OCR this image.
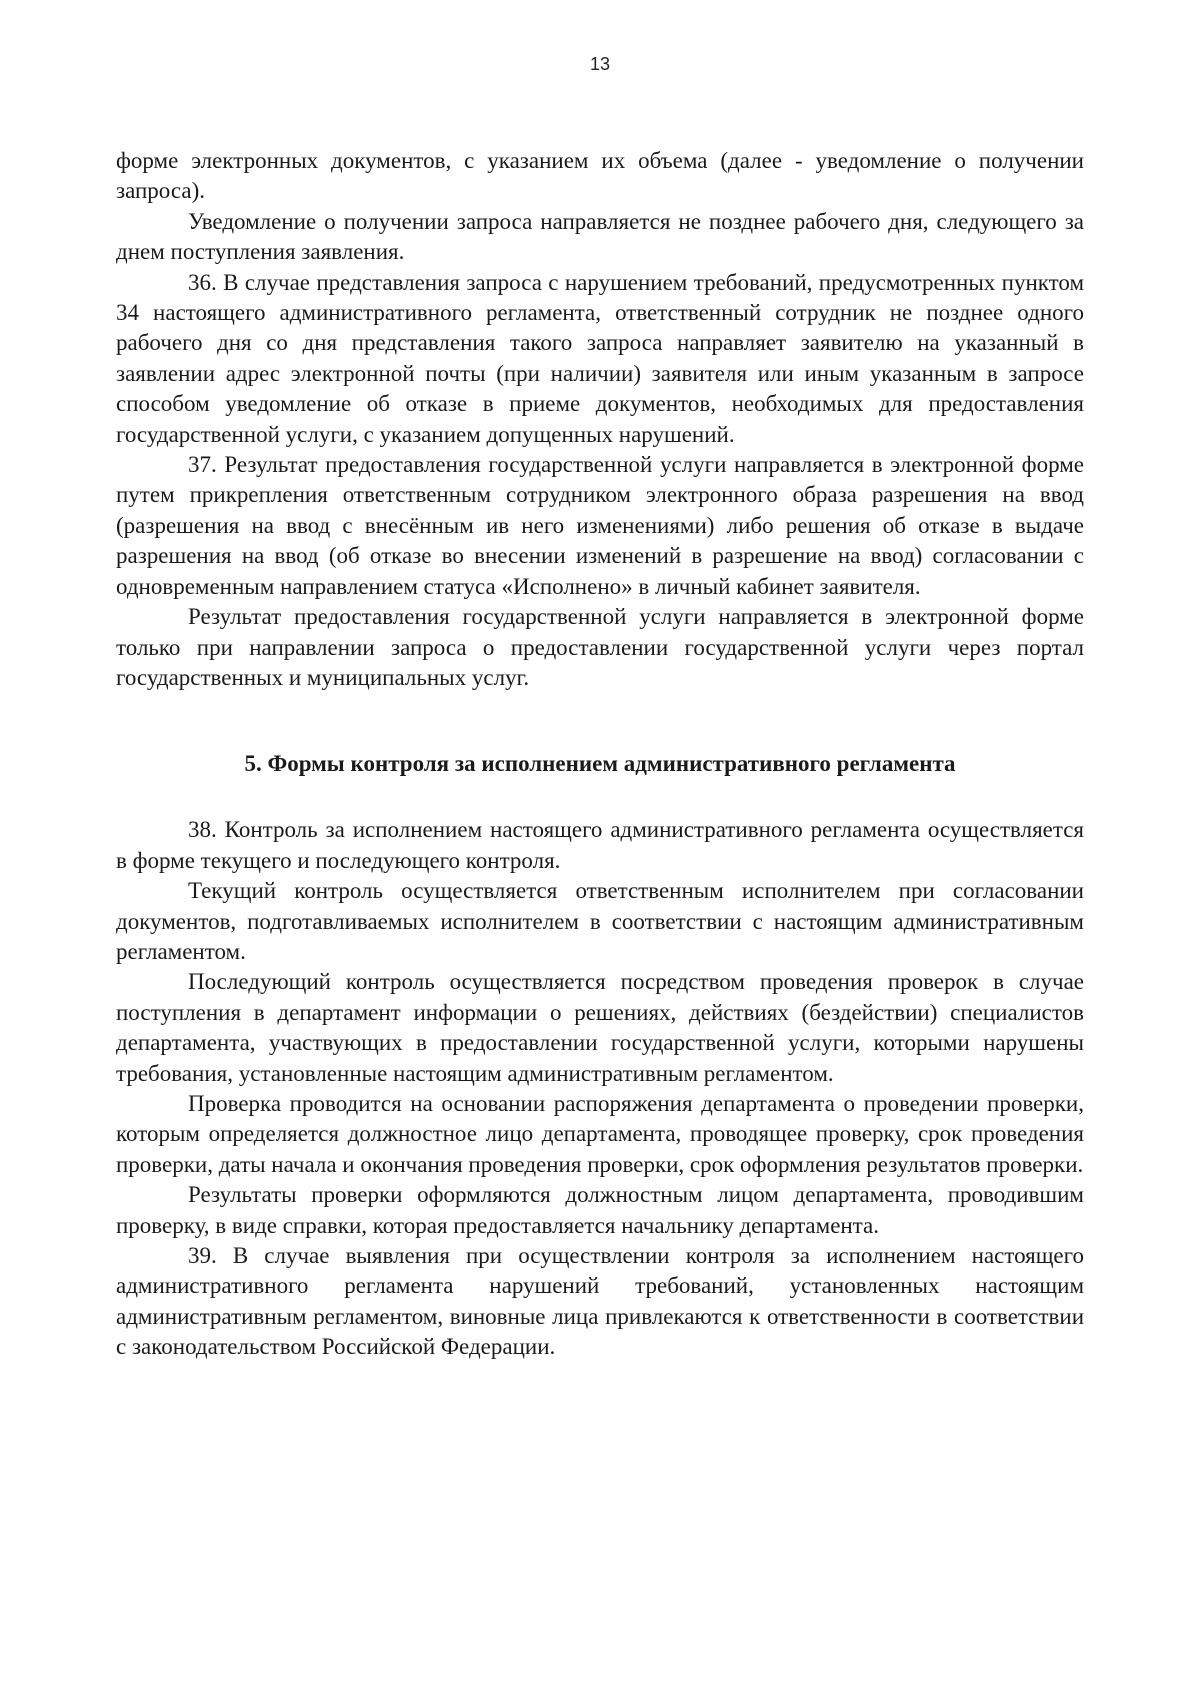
13

форме электронных документов, с указанием их объема (далее - уведомление о получении запроса).

Уведомление о получении запроса направляется не позднее рабочего дня, следующего за днем поступления заявления.

36. В случае представления запроса с нарушением требований, предусмотренных пунктом 34 настоящего административного регламента, ответственный сотрудник не позднее одного рабочего дня со дня представления такого запроса направляет заявителю на указанный в заявлении адрес электронной почты (при наличии) заявителя или иным указанным в запросе способом уведомление об отказе в приеме документов, необходимых для предоставления государственной услуги, с указанием допущенных нарушений.

37. Результат предоставления государственной услуги направляется в электронной форме путем прикрепления ответственным сотрудником электронного образа разрешения на ввод (разрешения на ввод с внесённым ив него изменениями) либо решения об отказе в выдаче разрешения на ввод (об отказе во внесении изменений в разрешение на ввод) согласовании с одновременным направлением статуса «Исполнено» в личный кабинет заявителя.

Результат предоставления государственной услуги направляется в электронной форме только при направлении запроса о предоставлении государственной услуги через портал государственных и муниципальных услуг.

5. Формы контроля за исполнением административного регламента

38. Контроль за исполнением настоящего административного регламента осуществляется в форме текущего и последующего контроля.

Текущий контроль осуществляется ответственным исполнителем при согласовании документов, подготавливаемых исполнителем в соответствии с настоящим административным регламентом.

Последующий контроль осуществляется посредством проведения проверок в случае поступления в департамент информации о решениях, действиях (бездействии) специалистов департамента, участвующих в предоставлении государственной услуги, которыми нарушены требования, установленные настоящим административным регламентом.

Проверка проводится на основании распоряжения департамента о проведении проверки, которым определяется должностное лицо департамента, проводящее проверку, срок проведения проверки, даты начала и окончания проведения проверки, срок оформления результатов проверки.

Результаты проверки оформляются должностным лицом департамента, проводившим проверку, в виде справки, которая предоставляется начальнику департамента.

39. В случае выявления при осуществлении контроля за исполнением настоящего административного регламента нарушений требований, установленных настоящим административным регламентом, виновные лица привлекаются к ответственности в соответствии с законодательством Российской Федерации.
